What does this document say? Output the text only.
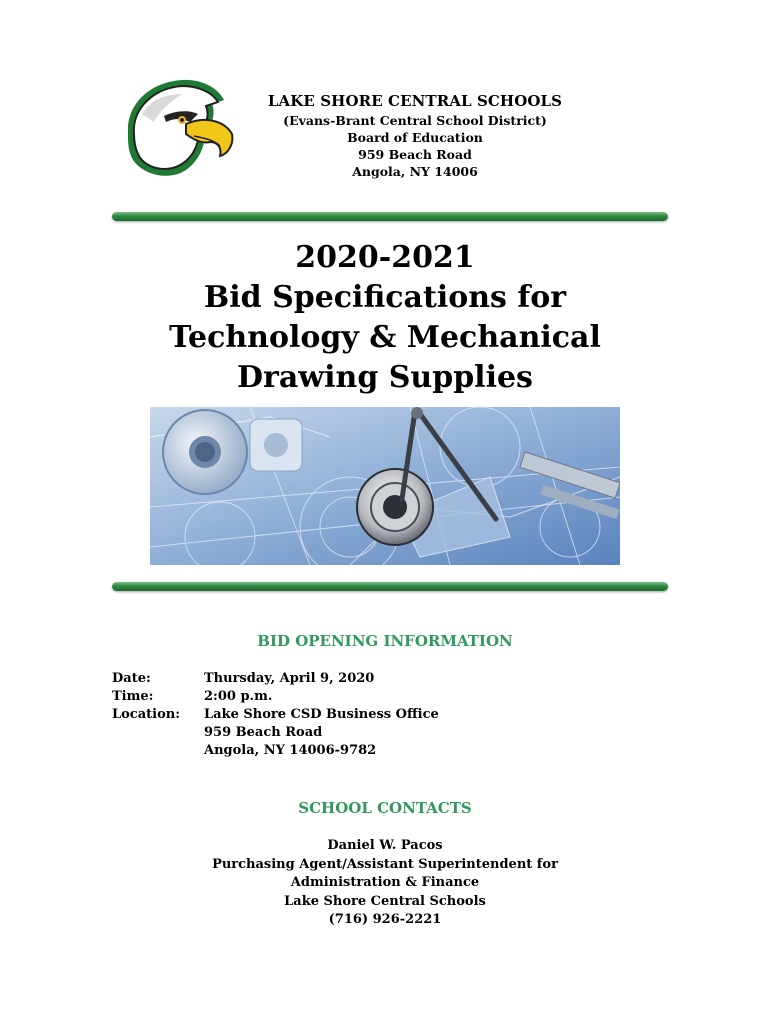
LAKE SHORE CENTRAL SCHOOLS
(Evans-Brant Central School District)
Board of Education
959 Beach Road
Angola, NY 14006
2020-2021
Bid Specifications for
Technology & Mechanical
Drawing Supplies
BID OPENING INFORMATION
Date:	Thursday, April 9, 2020
Time:	2:00 p.m.
Location:	Lake Shore CSD Business Office
959 Beach Road
Angola, NY 14006-9782
SCHOOL CONTACTS
Daniel W. Pacos
Purchasing Agent/Assistant Superintendent for
Administration & Finance
Lake Shore Central Schools
(716) 926-2221
